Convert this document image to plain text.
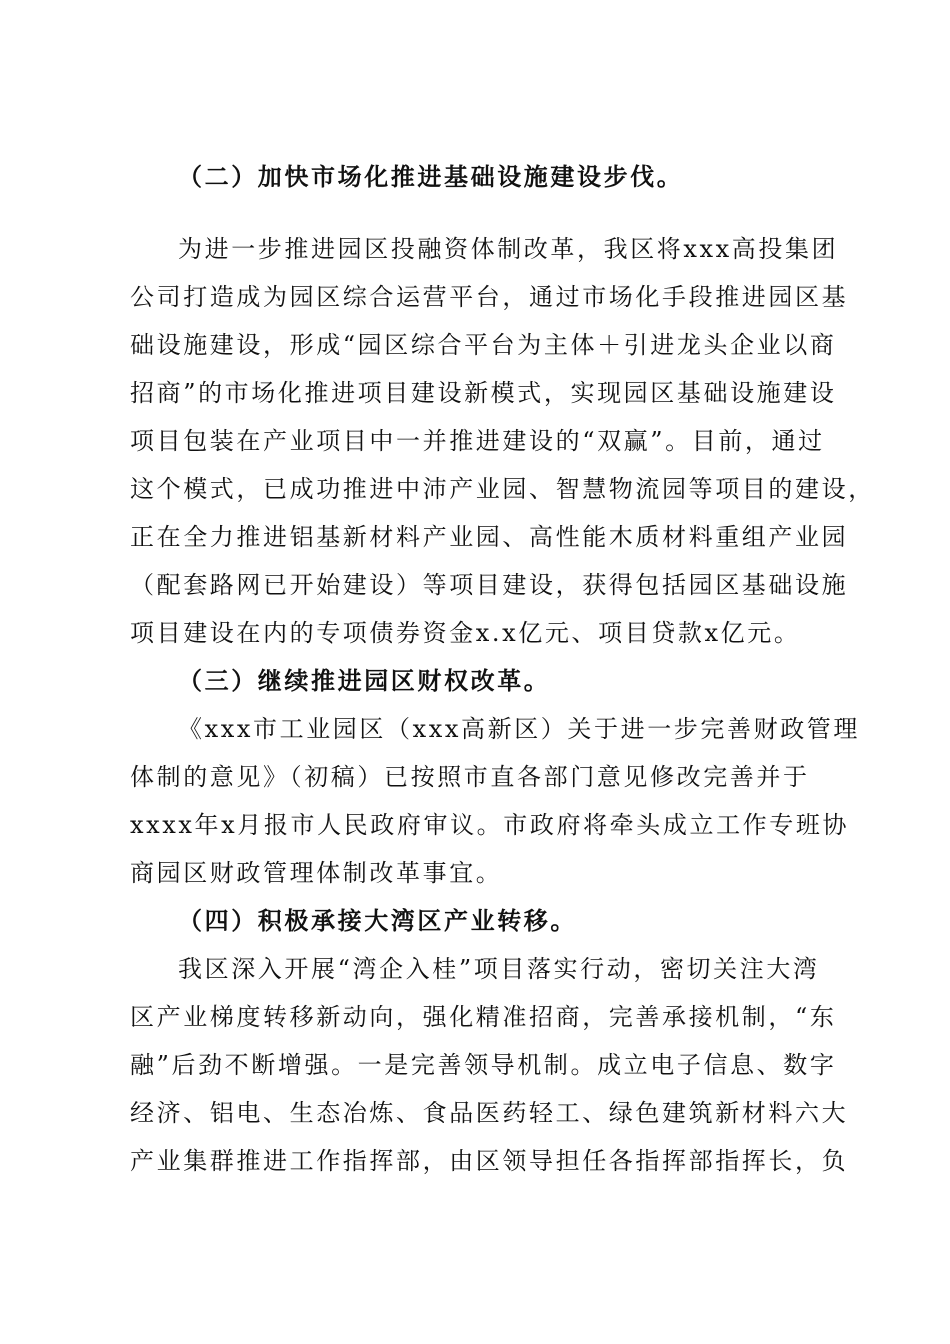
（二）加快市场化推进基础设施建设步伐。
为进一步推进园区投融资体制改革，我区将xxx高投集团
公司打造成为园区综合运营平台，通过市场化手段推进园区基
础设施建设，形成“园区综合平台为主体＋引进龙头企业以商
招商”的市场化推进项目建设新模式，实现园区基础设施建设
项目包装在产业项目中一并推进建设的“双赢”。目前，通过
这个模式，已成功推进中沛产业园、智慧物流园等项目的建设，
正在全力推进铝基新材料产业园、高性能木质材料重组产业园
（配套路网已开始建设）等项目建设，获得包括园区基础设施
项目建设在内的专项债券资金x.x亿元、项目贷款x亿元。
（三）继续推进园区财权改革。
《xxx市工业园区（xxx高新区）关于进一步完善财政管理
体制的意见》（初稿）已按照市直各部门意见修改完善并于
xxxx年x月报市人民政府审议。市政府将牵头成立工作专班协
商园区财政管理体制改革事宜。
（四）积极承接大湾区产业转移。
我区深入开展“湾企入桂”项目落实行动，密切关注大湾
区产业梯度转移新动向，强化精准招商，完善承接机制，“东
融”后劲不断增强。一是完善领导机制。成立电子信息、数字
经济、铝电、生态冶炼、食品医药轻工、绿色建筑新材料六大
产业集群推进工作指挥部，由区领导担任各指挥部指挥长，负
